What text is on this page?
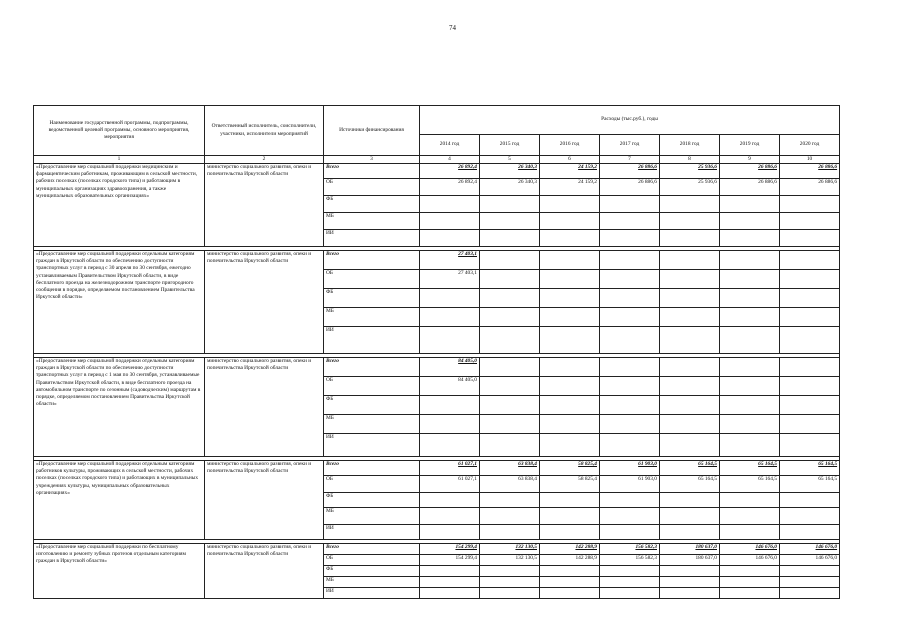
74
Наименование государственной программы, подпрограммы, ведомственной целевой программы, основного мероприятия, мероприятия	Ответственный исполнитель, соисполнители, участники, исполнители мероприятий	Источники финансирования	Расходы (тыс.руб.), годы						
			2014 год	2015 год	2016 год	2017 год	2018 год	2019 год	2020 год
1	2	3	4	5	6	7	8	9	10
«Предоставление мер социальной поддержки медицинским и фармацевтическим работникам, проживающим в сельской местности, рабочих поселках (поселках городского типа) и работающим в муниципальных организациях здравоохранения, а также муниципальных образовательных организациях»	министерство социального развития, опеки и попечительства Иркутской области	Всего	26 892,4	26 340,3	24 159,2	26 886,6	25 936,6	26 886,6	26 886,6
		ОБ	26 892,4	26 340,3	24 159,2	26 886,6	25 936,6	26 886,6	26 886,6
		ФБ							
		МБ							
		ИИ							

«Предоставление мер социальной поддержки отдельным категориям граждан в Иркутской области по обеспечению доступности транспортных услуг в период с 30 апреля по 30 сентября, ежегодно устанавливаемым Правительством Иркутской области, в виде бесплатного проезда на железнодорожном транспорте пригородного сообщения в порядке, определяемом постановлением Правительства Иркутской области»	министерство социального развития, опеки и попечительства Иркутской области	Всего	27 403,1						
		ОБ	27 403,1						
		ФБ							
		МБ							
		ИИ							

«Предоставление мер социальной поддержки отдельным категориям граждан в Иркутской области по обеспечению доступности транспортных услуг в период с 1 мая по 30 сентября, устанавливаемые Правительством Иркутской области, в виде бесплатного проезда на автомобильном транспорте по сезонным (садоводческим) маршрутам в порядке, определяемом постановлением Правительства Иркутской области»	министерство социального развития, опеки и попечительства Иркутской области	Всего	84 405,0						
		ОБ	84 405,0						
		ФБ							
		МБ							
		ИИ							

«Предоставление мер социальной поддержки отдельным категориям работников культуры, проживающих в сельской местности, рабочих поселках (поселках городского типа) и работающих в муниципальных учреждениях культуры, муниципальных образовательных организациях»	министерство социального развития, опеки и попечительства Иркутской области	Всего	61 027,1	63 838,4	58 825,4	61 903,0	65 164,5	65 164,5	65 164,5
		ОБ	61 027,1	63 838,4	58 825,4	61 903,0	65 164,5	65 164,5	65 164,5
		ФБ							
		МБ							
		ИИ							

«Предоставление мер социальной поддержки по бесплатному изготовлению и ремонту зубных протезов отдельным категориям граждан в Иркутской области»	министерство социального развития, опеки и попечительства Иркутской области	Всего	154 299,4	132 130,5	142 288,9	156 582,3	180 637,0	146 676,0	146 676,0
		ОБ	154 299,4	132 130,5	142 288,9	156 582,3	180 637,0	146 676,0	146 676,0
		ФБ							
		МБ							
		ИИ							
